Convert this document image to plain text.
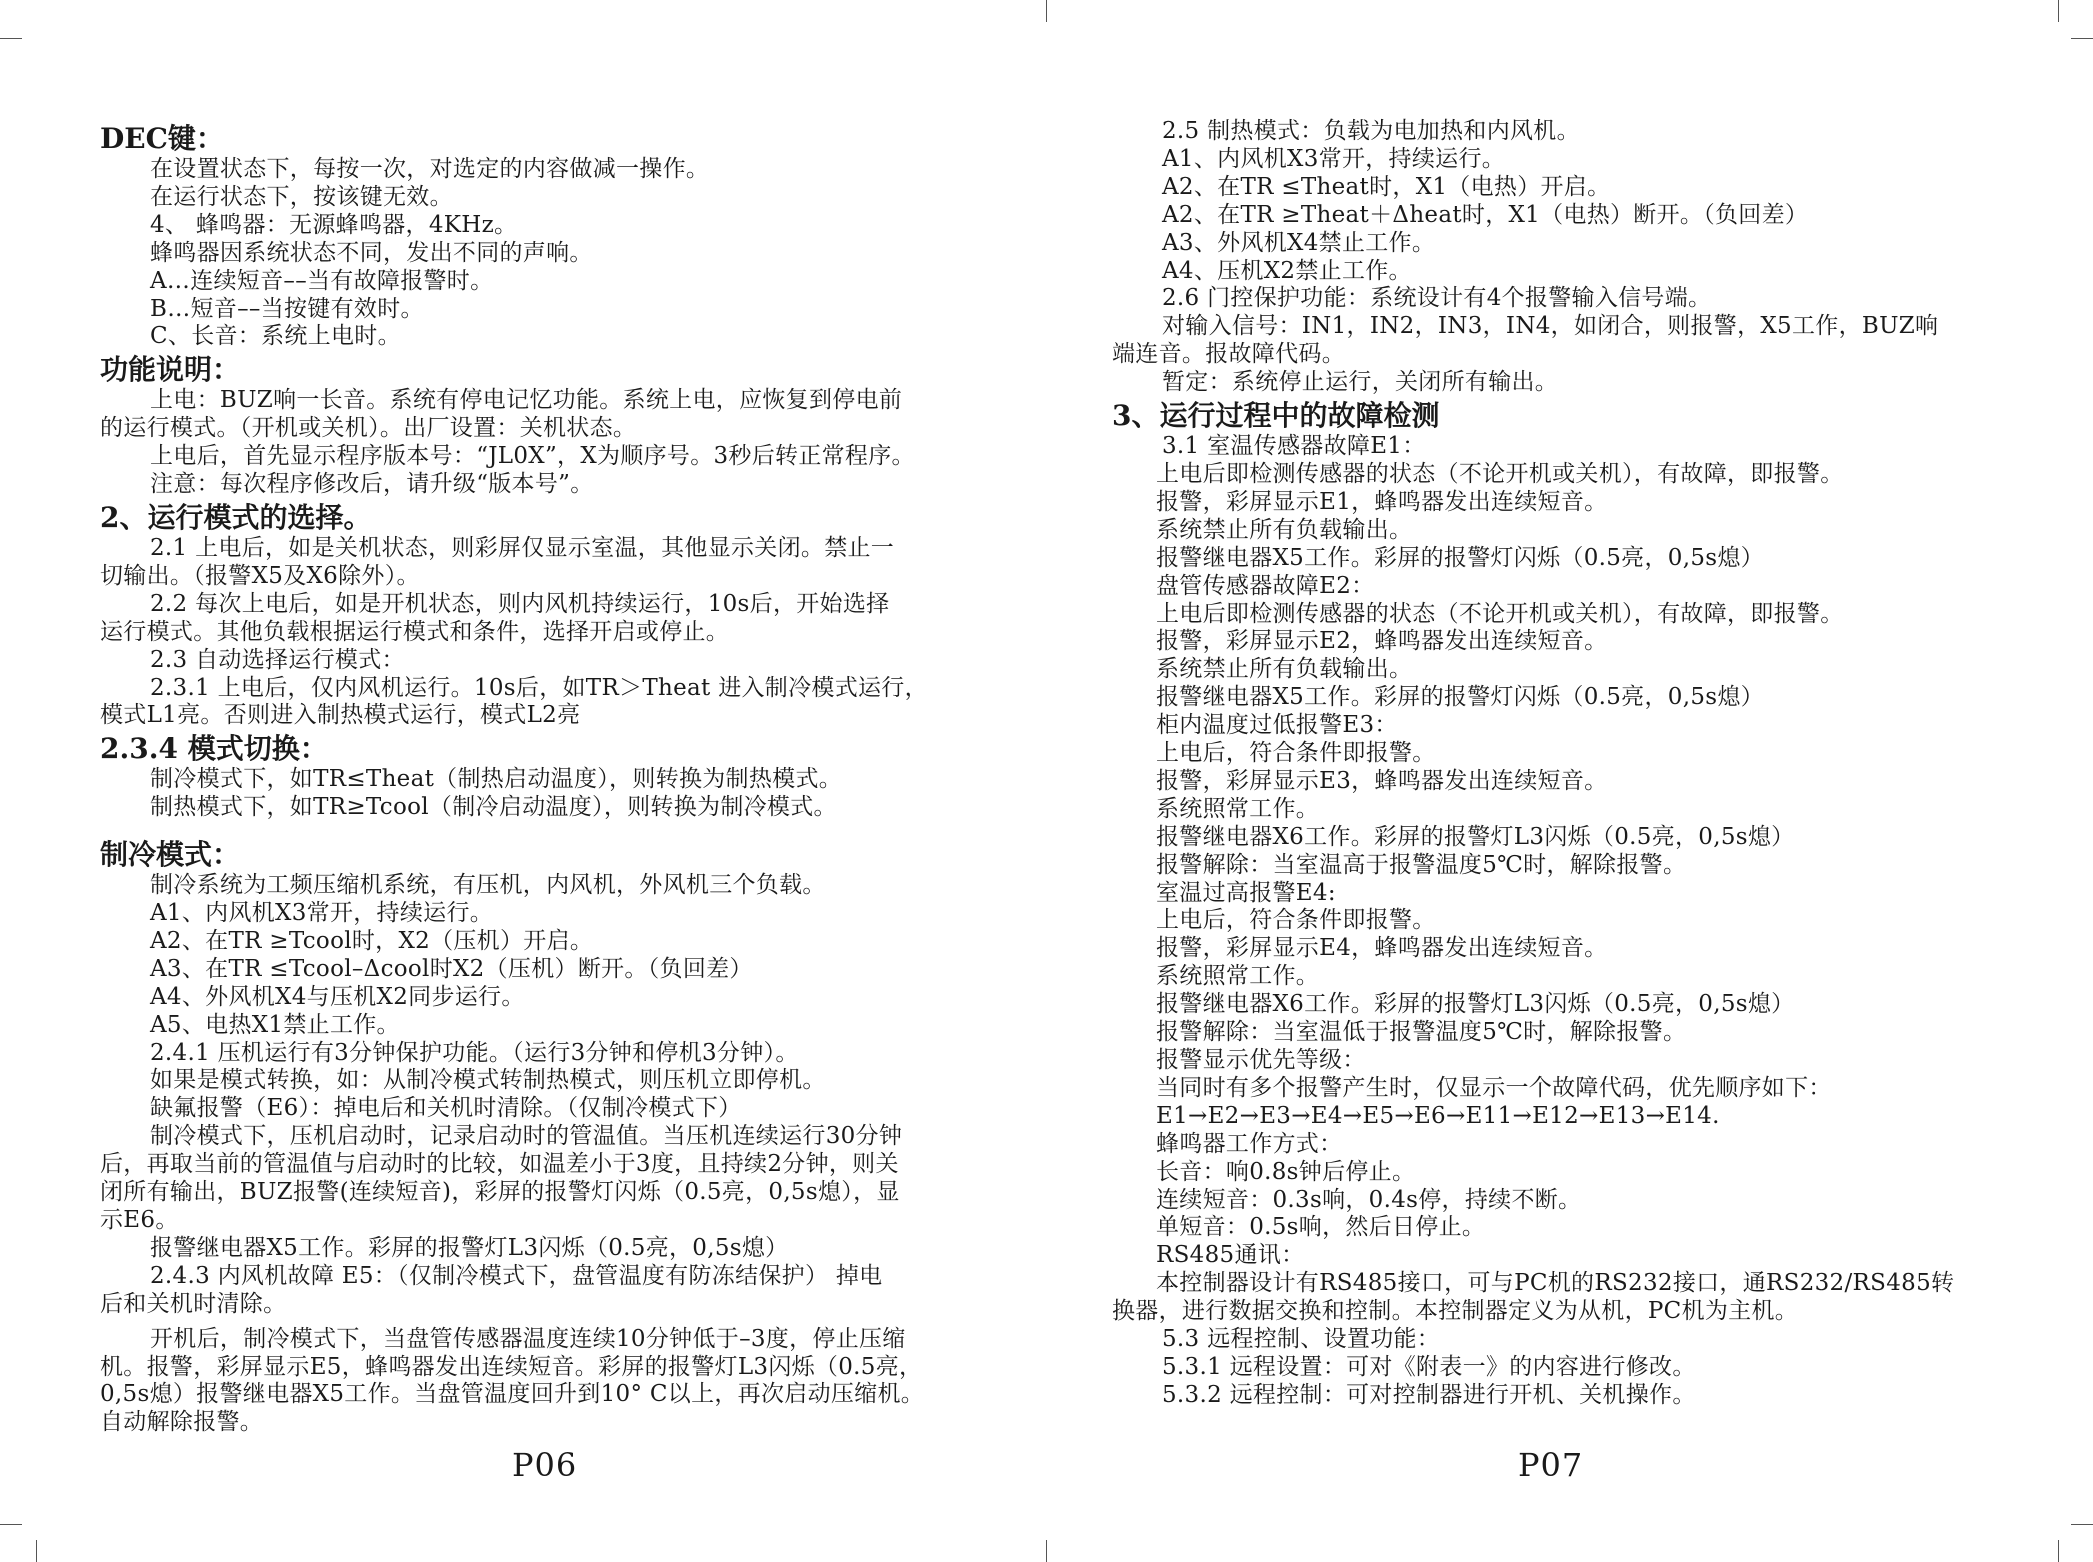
DEC键：

在设置状态下，每按一次，对选定的内容做减一操作。

在运行状态下，按该键无效。

4、 蜂鸣器：无源蜂鸣器，4KHz。

蜂鸣器因系统状态不同，发出不同的声响。

A…连续短音––当有故障报警时。

B…短音––当按键有效时。

C、长音：系统上电时。

功能说明：

上电：BUZ响一长音。系统有停电记忆功能。系统上电，应恢复到停电前

的运行模式。（开机或关机）。出厂设置：关机状态。

上电后，首先显示程序版本号：“JL0X”，X为顺序号。3秒后转正常程序。

注意：每次程序修改后，请升级“版本号”。

2、运行模式的选择。

2.1 上电后，如是关机状态，则彩屏仅显示室温，其他显示关闭。禁止一

切输出。（报警X5及X6除外）。

2.2 每次上电后，如是开机状态，则内风机持续运行，10s后，开始选择

运行模式。其他负载根据运行模式和条件，选择开启或停止。

2.3 自动选择运行模式：

2.3.1 上电后，仅内风机运行。10s后，如TR＞Theat 进入制冷模式运行，

模式L1亮。否则进入制热模式运行，模式L2亮

2.3.4 模式切换：

制冷模式下，如TR≤Theat（制热启动温度），则转换为制热模式。

制热模式下，如TR≥Tcool（制冷启动温度），则转换为制冷模式。

制冷模式：

制冷系统为工频压缩机系统，有压机，内风机，外风机三个负载。

A1、内风机X3常开，持续运行。

A2、在TR ≥Tcool时，X2（压机）开启。

A3、在TR ≤Tcool–Δcool时X2（压机）断开。（负回差）

A4、外风机X4与压机X2同步运行。

A5、电热X1禁止工作。

2.4.1 压机运行有3分钟保护功能。（运行3分钟和停机3分钟）。

如果是模式转换，如：从制冷模式转制热模式，则压机立即停机。

缺氟报警（E6）：掉电后和关机时清除。（仅制冷模式下）

制冷模式下，压机启动时，记录启动时的管温值。当压机连续运行30分钟

后，再取当前的管温值与启动时的比较，如温差小于3度，且持续2分钟，则关

闭所有输出，BUZ报警(连续短音)，彩屏的报警灯闪烁（0.5亮，0,5s熄），显

示E6。

报警继电器X5工作。彩屏的报警灯L3闪烁（0.5亮，0,5s熄）

2.4.3 内风机故障 E5：（仅制冷模式下，盘管温度有防冻结保护） 掉电

后和关机时清除。

开机后，制冷模式下，当盘管传感器温度连续10分钟低于–3度，停止压缩

机。报警，彩屏显示E5，蜂鸣器发出连续短音。彩屏的报警灯L3闪烁（0.5亮，

0,5s熄）报警继电器X5工作。当盘管温度回升到10° C以上，再次启动压缩机。

自动解除报警。

2.5 制热模式：负载为电加热和内风机。

A1、内风机X3常开，持续运行。

A2、在TR ≤Theat时，X1（电热）开启。

A2、在TR ≥Theat＋Δheat时，X1（电热）断开。（负回差）

A3、外风机X4禁止工作。

A4、压机X2禁止工作。

2.6 门控保护功能：系统设计有4个报警输入信号端。

对输入信号：IN1，IN2，IN3，IN4，如闭合，则报警，X5工作，BUZ响

端连音。报故障代码。

暂定：系统停止运行，关闭所有输出。

3、运行过程中的故障检测

3.1 室温传感器故障E1：

上电后即检测传感器的状态（不论开机或关机），有故障，即报警。

报警，彩屏显示E1，蜂鸣器发出连续短音。

系统禁止所有负载输出。

报警继电器X5工作。彩屏的报警灯闪烁（0.5亮，0,5s熄）

盘管传感器故障E2：

上电后即检测传感器的状态（不论开机或关机），有故障，即报警。

报警，彩屏显示E2，蜂鸣器发出连续短音。

系统禁止所有负载输出。

报警继电器X5工作。彩屏的报警灯闪烁（0.5亮，0,5s熄）

柜内温度过低报警E3：

上电后，符合条件即报警。

报警，彩屏显示E3，蜂鸣器发出连续短音。

系统照常工作。

报警继电器X6工作。彩屏的报警灯L3闪烁（0.5亮，0,5s熄）

报警解除：当室温高于报警温度5℃时，解除报警。

室温过高报警E4:

上电后，符合条件即报警。

报警，彩屏显示E4，蜂鸣器发出连续短音。

系统照常工作。

报警继电器X6工作。彩屏的报警灯L3闪烁（0.5亮，0,5s熄）

报警解除：当室温低于报警温度5℃时，解除报警。

报警显示优先等级：

当同时有多个报警产生时，仅显示一个故障代码，优先顺序如下：

E1→E2→E3→E4→E5→E6→E11→E12→E13→E14.

蜂鸣器工作方式：

长音：响0.8s钟后停止。

连续短音：0.3s响，0.4s停，持续不断。

单短音：0.5s响，然后日停止。

RS485通讯：

本控制器设计有RS485接口，可与PC机的RS232接口，通RS232/RS485转

换器，进行数据交换和控制。本控制器定义为从机，PC机为主机。

5.3 远程控制、设置功能：

5.3.1 远程设置：可对《附表一》的内容进行修改。

5.3.2 远程控制：可对控制器进行开机、关机操作。

P06	P07
